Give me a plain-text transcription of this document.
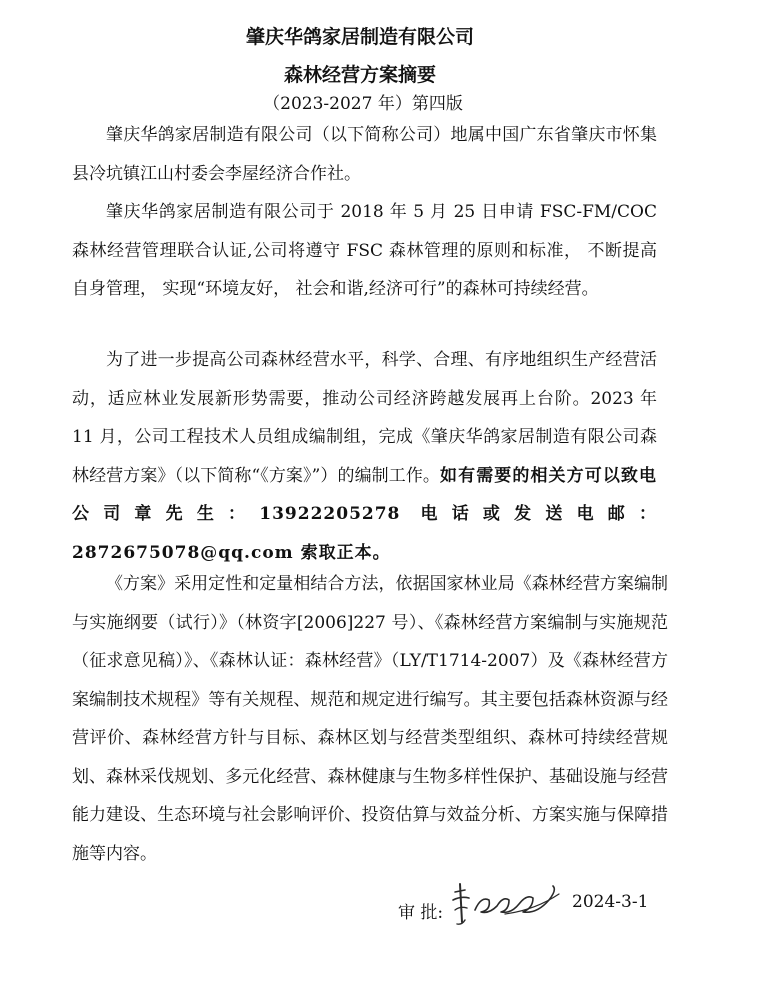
肇庆华鸽家居制造有限公司
森林经营方案摘要
（2023-2027 年）第四版

肇庆华鸽家居制造有限公司（以下简称公司）地属中国广东省肇庆市怀集县冷坑镇江山村委会李屋经济合作社。

肇庆华鸽家居制造有限公司于 2018 年 5 月 25 日申请 FSC-FM/COC 森林经营管理联合认证,公司将遵守 FSC 森林管理的原则和标准， 不断提高自身管理， 实现“环境友好， 社会和谐,经济可行”的森林可持续经营。

为了进一步提高公司森林经营水平，科学、合理、有序地组织生产经营活动，适应林业发展新形势需要，推动公司经济跨越发展再上台阶。2023 年 11 月，公司工程技术人员组成编制组，完成《肇庆华鸽家居制造有限公司森林经营方案》（以下简称“《方案》”）的编制工作。如有需要的相关方可以致电公司章先生：13922205278 电话或发送电邮：2872675078@qq.com 索取正本。

《方案》采用定性和定量相结合方法，依据国家林业局《森林经营方案编制与实施纲要（试行）》（林资字[2006]227 号）、《森林经营方案编制与实施规范（征求意见稿）》、《森林认证：森林经营》（LY/T1714-2007）及《森林经营方案编制技术规程》等有关规程、规范和规定进行编写。其主要包括森林资源与经营评价、森林经营方针与目标、森林区划与经营类型组织、森林可持续经营规划、森林采伐规划、多元化经营、森林健康与生物多样性保护、基础设施与经营能力建设、生态环境与社会影响评价、投资估算与效益分析、方案实施与保障措施等内容。

审 批:
2024-3-1
